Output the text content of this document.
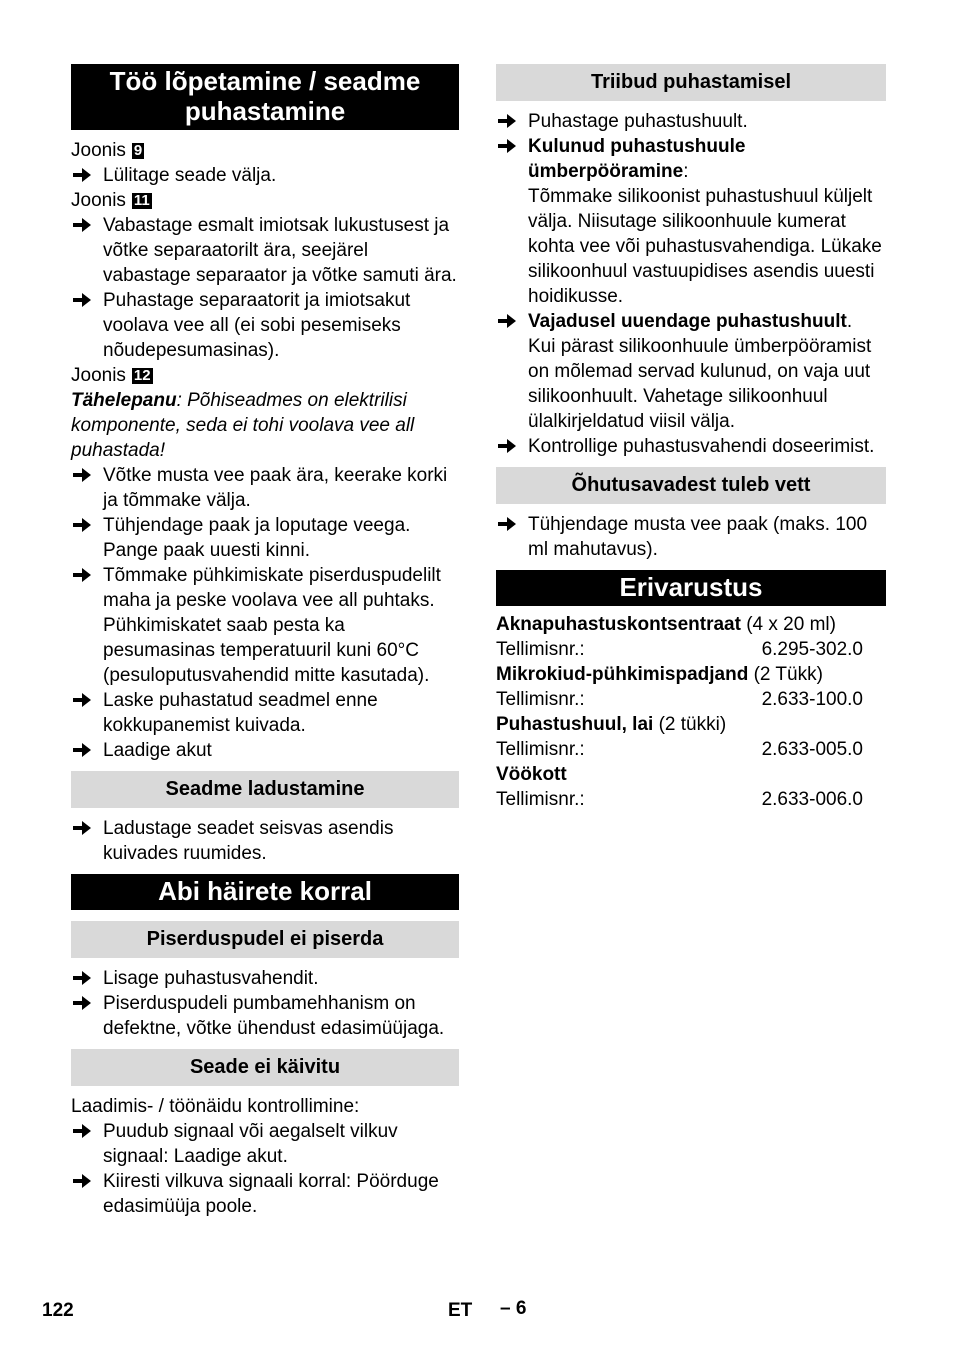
Töö lõpetamine / seadme puhastamine
Joonis 9
Lülitage seade välja.
Joonis 11
Vabastage esmalt imiotsak lukustusest ja võtke separaatorilt ära, seejärel vabastage separaator ja võtke samuti ära.
Puhastage separaatorit ja imiotsakut voolava vee all (ei sobi pesemiseks nõudepesumasinas).
Joonis 12
Tähelepanu: Põhiseadmes on elektrilisi komponente, seda ei tohi voolava vee all puhastada!
Võtke musta vee paak ära, keerake korki ja tõmmake välja.
Tühjendage paak ja loputage veega. Pange paak uuesti kinni.
Tõmmake pühkimiskate piserduspudelilt maha ja peske voolava vee all puhtaks. Pühkimiskatet saab pesta ka pesumasinas temperatuuril kuni 60°C (pesuloputusvahendid mitte kasutada).
Laske puhastatud seadmel enne kokkupanemist kuivada.
Laadige akut
Seadme ladustamine
Ladustage seadet seisvas asendis kuivades ruumides.
Abi häirete korral
Piserduspudel ei piserda
Lisage puhastusvahendit.
Piserduspudeli pumbamehhanism on defektne, võtke ühendust edasimüüjaga.
Seade ei käivitu
Laadimis- / töönäidu kontrollimine:
Puudub signaal või aegalselt vilkuv signaal: Laadige akut.
Kiiresti vilkuva signaali korral: Pöörduge edasimüüja poole.
Triibud puhastamisel
Puhastage puhastushuult.
Kulunud puhastushuule ümberpööramine:
Tõmmake silikoonist puhastushuul küljelt välja. Niisutage silikoonhuule kumerat kohta vee või puhastusvahendiga. Lükake silikoonhuul vastuupidises asendis uuesti hoidikusse.
Vajadusel uuendage puhastushuult.
Kui pärast silikoonhuule ümberpööramist on mõlemad servad kulunud, on vaja uut silikoonhuult. Vahetage silikoonhuul ülalkirjeldatud viisil välja.
Kontrollige puhastusvahendi doseerimist.
Õhutusavadest tuleb vett
Tühjendage musta vee paak (maks. 100 ml mahutavus).
Erivarustus
Aknapuhastuskontsentraat (4 x 20 ml)
Tellimisnr.:	6.295-302.0
Mikrokiud-pühkimispadjand (2 Tükk)
Tellimisnr.:	2.633-100.0
Puhastushuul, lai (2 tükki)
Tellimisnr.:	2.633-005.0
Vöökott
Tellimisnr.:	2.633-006.0
122	ET – 6
